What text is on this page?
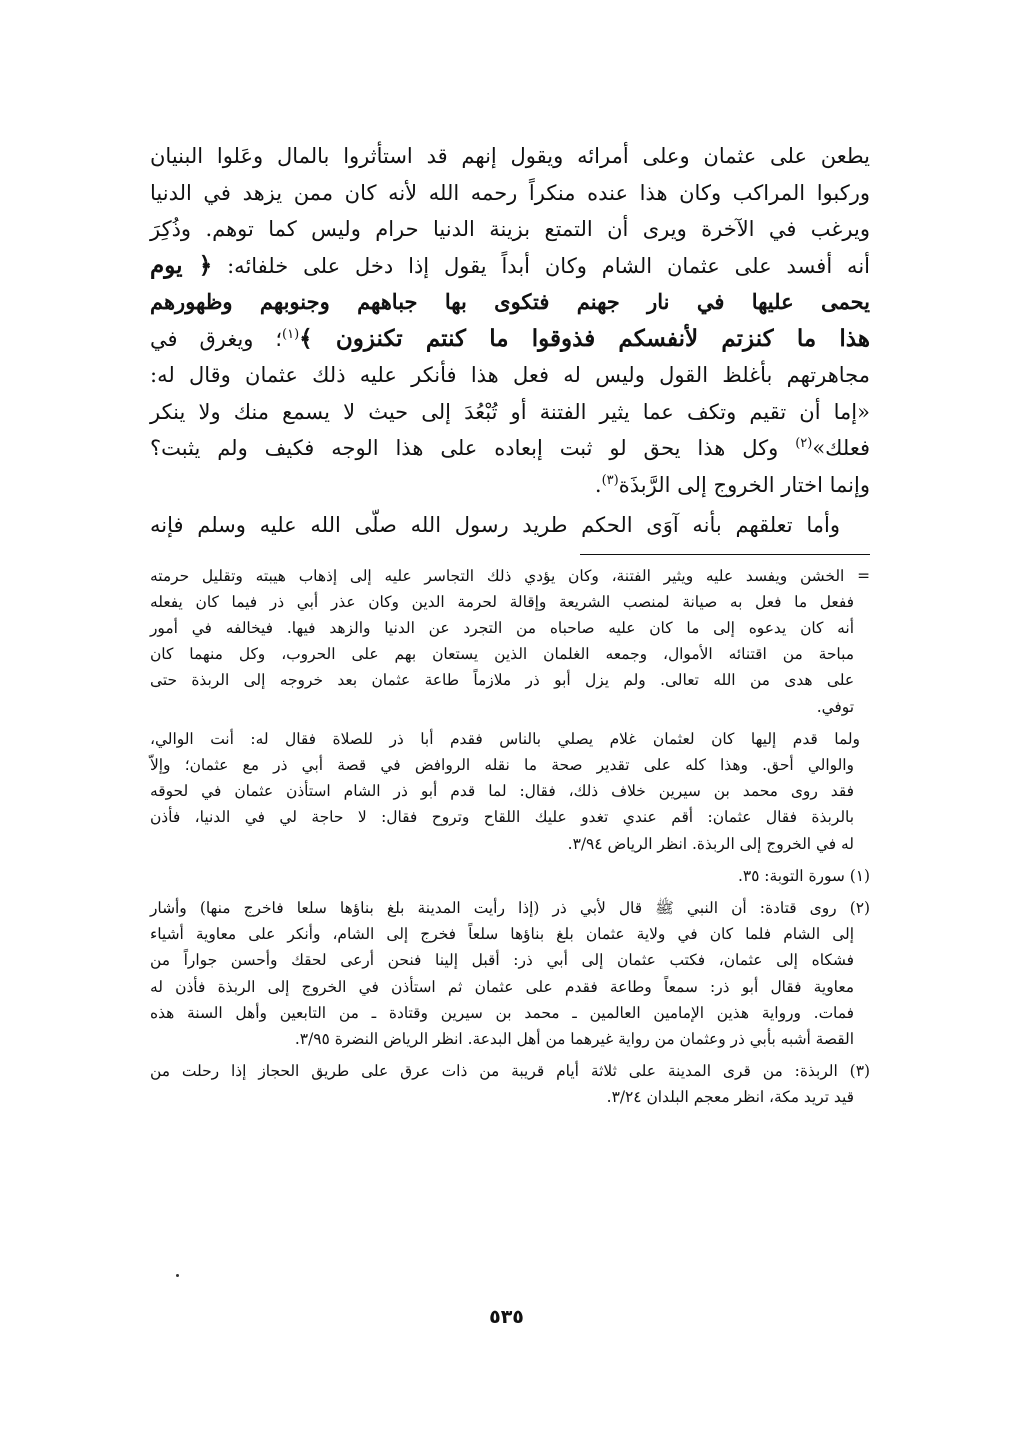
يطعن على عثمان وعلى أمرائه ويقول إنهم قد استأثروا بالمال وعَلوا البنيان

وركبوا المراكب وكان هذا عنده منكراً رحمه الله لأنه كان ممن يزهد في الدنيا

ويرغب في الآخرة ويرى أن التمتع بزينة الدنيا حرام وليس كما توهم. وذُكِرَ

أنه أفسد على عثمان الشام وكان أبداً يقول إذا دخل على خلفائه: ﴿ يوم

يحمى عليها في نار جهنم فتكوى بها جباههم وجنوبهم وظهورهم

هذا ما كنزتم لأنفسكم فذوقوا ما كنتم تكنزون ﴾$^{(١)}$؛ ويغرق في

مجاهرتهم بأغلظ القول وليس له فعل هذا فأنكر عليه ذلك عثمان وقال له:

«إما أن تقيم وتكف عما يثير الفتنة أو تُبْعُدَ إلى حيث لا يسمع منك ولا ينكر

فعلك»$^{(٢)}$ وكل هذا يحق لو ثبت إبعاده على هذا الوجه فكيف ولم يثبت؟

وإنما اختار الخروج إلى الرَّبذَة$^{(٣)}$.

وأما تعلقهم بأنه آوَى الحكم طريد رسول الله صلّى الله عليه وسلم فإنه

= الخشن ويفسد عليه ويثير الفتنة، وكان يؤدي ذلك التجاسر عليه إلى إذهاب هيبته وتقليل حرمته

ففعل ما فعل به صيانة لمنصب الشريعة وإقالة لحرمة الدين وكان عذر أبي ذر فيما كان يفعله

أنه كان يدعوه إلى ما كان عليه صاحباه من التجرد عن الدنيا والزهد فيها. فيخالفه في أمور

مباحة من اقتنائه الأموال، وجمعه الغلمان الذين يستعان بهم على الحروب، وكل منهما كان

على هدى من الله تعالى. ولم يزل أبو ذر ملازماً طاعة عثمان بعد خروجه إلى الربذة حتى

توفي.

ولما قدم إليها كان لعثمان غلام يصلي بالناس فقدم أبا ذر للصلاة فقال له: أنت الوالي،

والوالي أحق. وهذا كله على تقدير صحة ما نقله الروافض في قصة أبي ذر مع عثمان؛ وإلاّ

فقد روى محمد بن سيرين خلاف ذلك، فقال: لما قدم أبو ذر الشام استأذن عثمان في لحوقه

بالربذة فقال عثمان: أقم عندي تغدو عليك اللقاح وتروح فقال: لا حاجة لي في الدنيا، فأذن

له في الخروج إلى الربذة. انظر الرياض ٣/٩٤.

(١) سورة التوبة: ٣٥.

(٢) روى قتادة: أن النبي ﷺ قال لأبي ذر (إذا رأيت المدينة بلغ بناؤها سلعا فاخرج منها) وأشار

إلى الشام فلما كان في ولاية عثمان بلغ بناؤها سلعاً فخرج إلى الشام، وأنكر على معاوية أشياء

فشكاه إلى عثمان، فكتب عثمان إلى أبي ذر: أقبل إلينا فنحن أرعى لحقك وأحسن جواراً من

معاوية فقال أبو ذر: سمعاً وطاعة فقدم على عثمان ثم استأذن في الخروج إلى الربذة فأذن له

فمات. ورواية هذين الإمامين العالمين ـ محمد بن سيرين وقتادة ـ من التابعين وأهل السنة هذه

القصة أشبه بأبي ذر وعثمان من رواية غيرهما من أهل البدعة. انظر الرياض النضرة ٣/٩٥.

(٣) الربذة: من قرى المدينة على ثلاثة أيام قريبة من ذات عرق على طريق الحجاز إذا رحلت من

قيد تريد مكة، انظر معجم البلدان ٣/٢٤.

٥٣٥
